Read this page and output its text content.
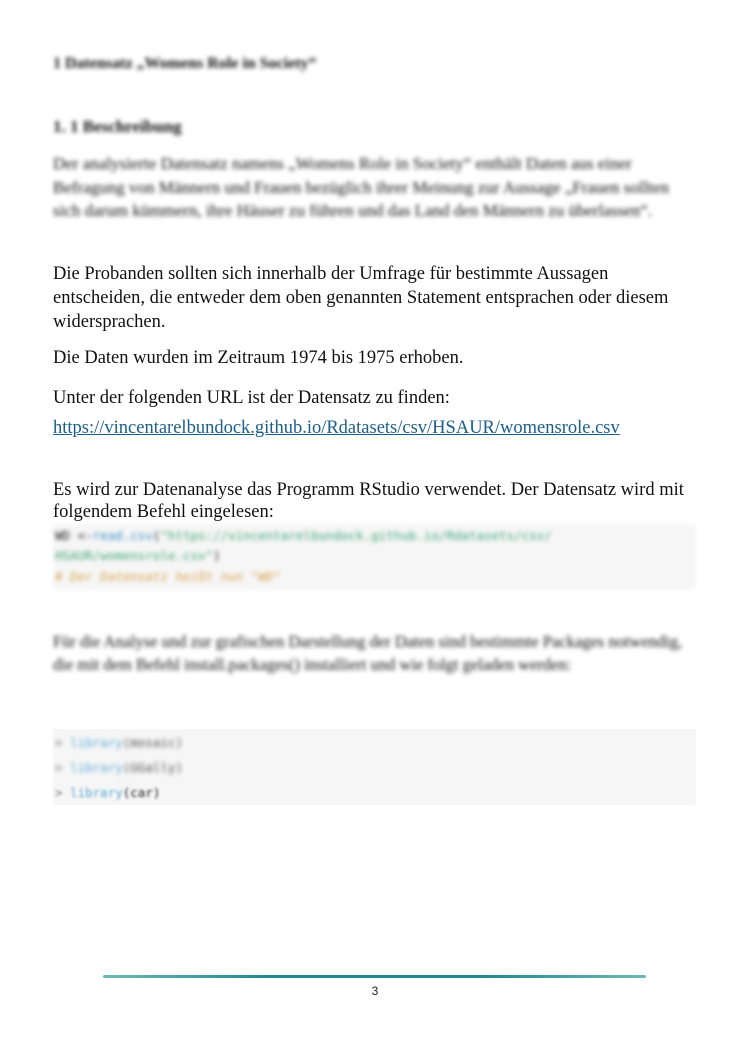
1 Datensatz „Womens Role in Society“
1. 1 Beschreibung

Der analysierte Datensatz namens „Womens Role in Society“ enthält Daten aus einer Befragung von Männern und Frauen bezüglich ihrer Meinung zur Aussage „Frauen sollten sich darum kümmern, ihre Häuser zu führen und das Land den Männern zu überlassen“.

Die Probanden sollten sich innerhalb der Umfrage für bestimmte Aussagen entscheiden, die entweder dem oben genannten Statement entsprachen oder diesem widersprachen.

Die Daten wurden im Zeitraum 1974 bis 1975 erhoben.

Unter der folgenden URL ist der Datensatz zu finden:

https://vincentarelbundock.github.io/Rdatasets/csv/HSAUR/womensrole.csv

Es wird zur Datenanalyse das Programm RStudio verwendet. Der Datensatz wird mit folgendem Befehl eingelesen:

WD <-read.csv("https://vincentarelbundock.github.io/Rdatasets/csv/
HSAUR/womensrole.csv")
# Der Datensatz heißt nun "WD"

Für die Analyse und zur grafischen Darstellung der Daten sind bestimmte Packages notwendig, die mit dem Befehl install.packages() installiert und wie folgt geladen werden:

> library(mosaic)
> library(GGally)
> library(car)
3
